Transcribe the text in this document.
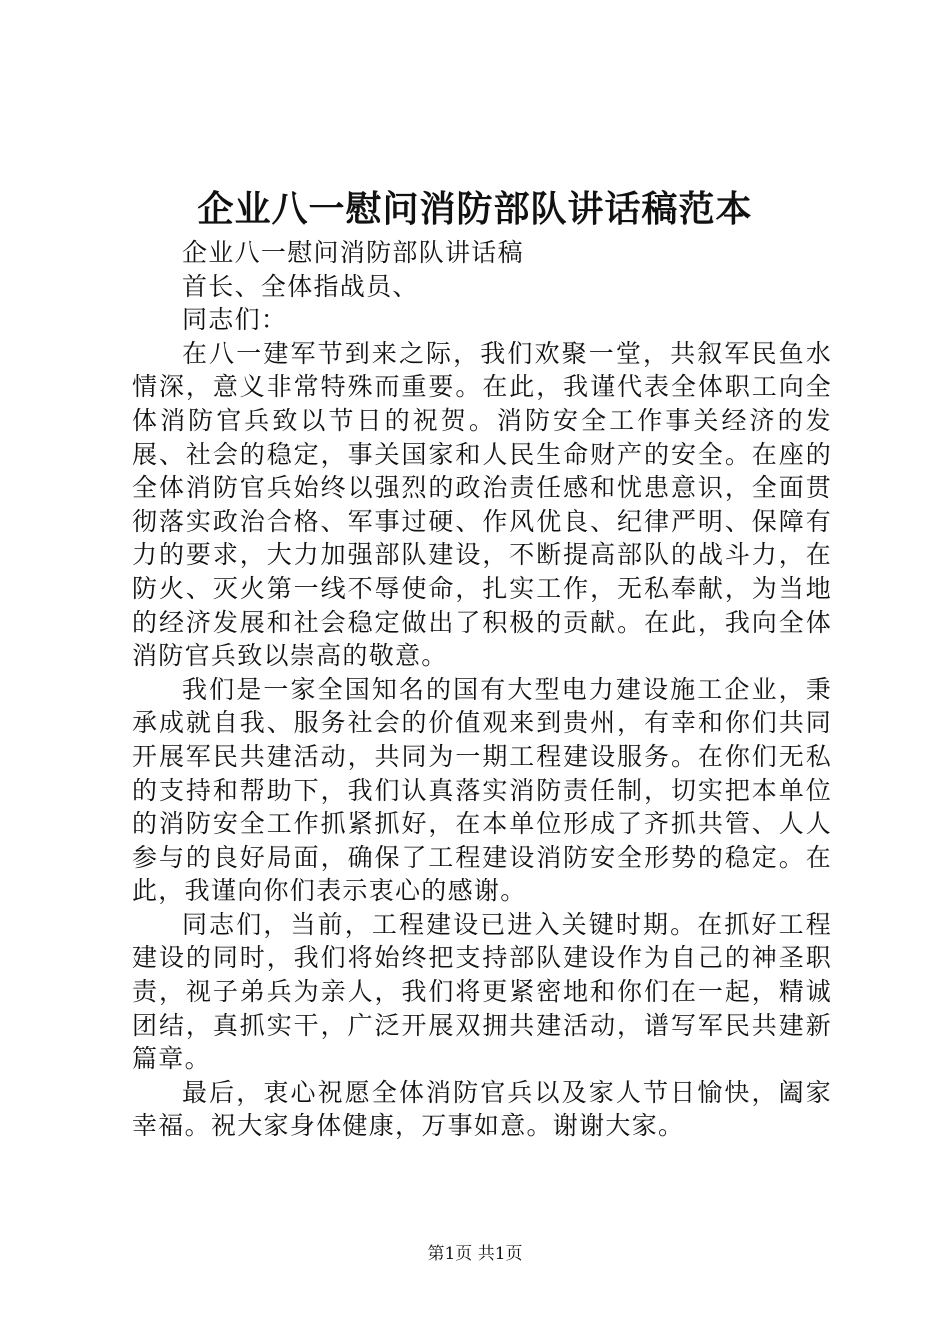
企业八一慰问消防部队讲话稿范本

企业八一慰问消防部队讲话稿

首长、全体指战员、

同志们：

在八一建军节到来之际，我们欢聚一堂，共叙军民鱼水情深，意义非常特殊而重要。在此，我谨代表全体职工向全体消防官兵致以节日的祝贺。消防安全工作事关经济的发展、社会的稳定，事关国家和人民生命财产的安全。在座的全体消防官兵始终以强烈的政治责任感和忧患意识，全面贯彻落实政治合格、军事过硬、作风优良、纪律严明、保障有力的要求，大力加强部队建设，不断提高部队的战斗力，在防火、灭火第一线不辱使命，扎实工作，无私奉献，为当地的经济发展和社会稳定做出了积极的贡献。在此，我向全体消防官兵致以崇高的敬意。

我们是一家全国知名的国有大型电力建设施工企业，秉承成就自我、服务社会的价值观来到贵州，有幸和你们共同开展军民共建活动，共同为一期工程建设服务。在你们无私的支持和帮助下，我们认真落实消防责任制，切实把本单位的消防安全工作抓紧抓好，在本单位形成了齐抓共管、人人参与的良好局面，确保了工程建设消防安全形势的稳定。在此，我谨向你们表示衷心的感谢。

同志们，当前，工程建设已进入关键时期。在抓好工程建设的同时，我们将始终把支持部队建设作为自己的神圣职责，视子弟兵为亲人，我们将更紧密地和你们在一起，精诚团结，真抓实干，广泛开展双拥共建活动，谱写军民共建新篇章。

最后，衷心祝愿全体消防官兵以及家人节日愉快，阖家幸福。祝大家身体健康，万事如意。谢谢大家。

第1页 共1页
